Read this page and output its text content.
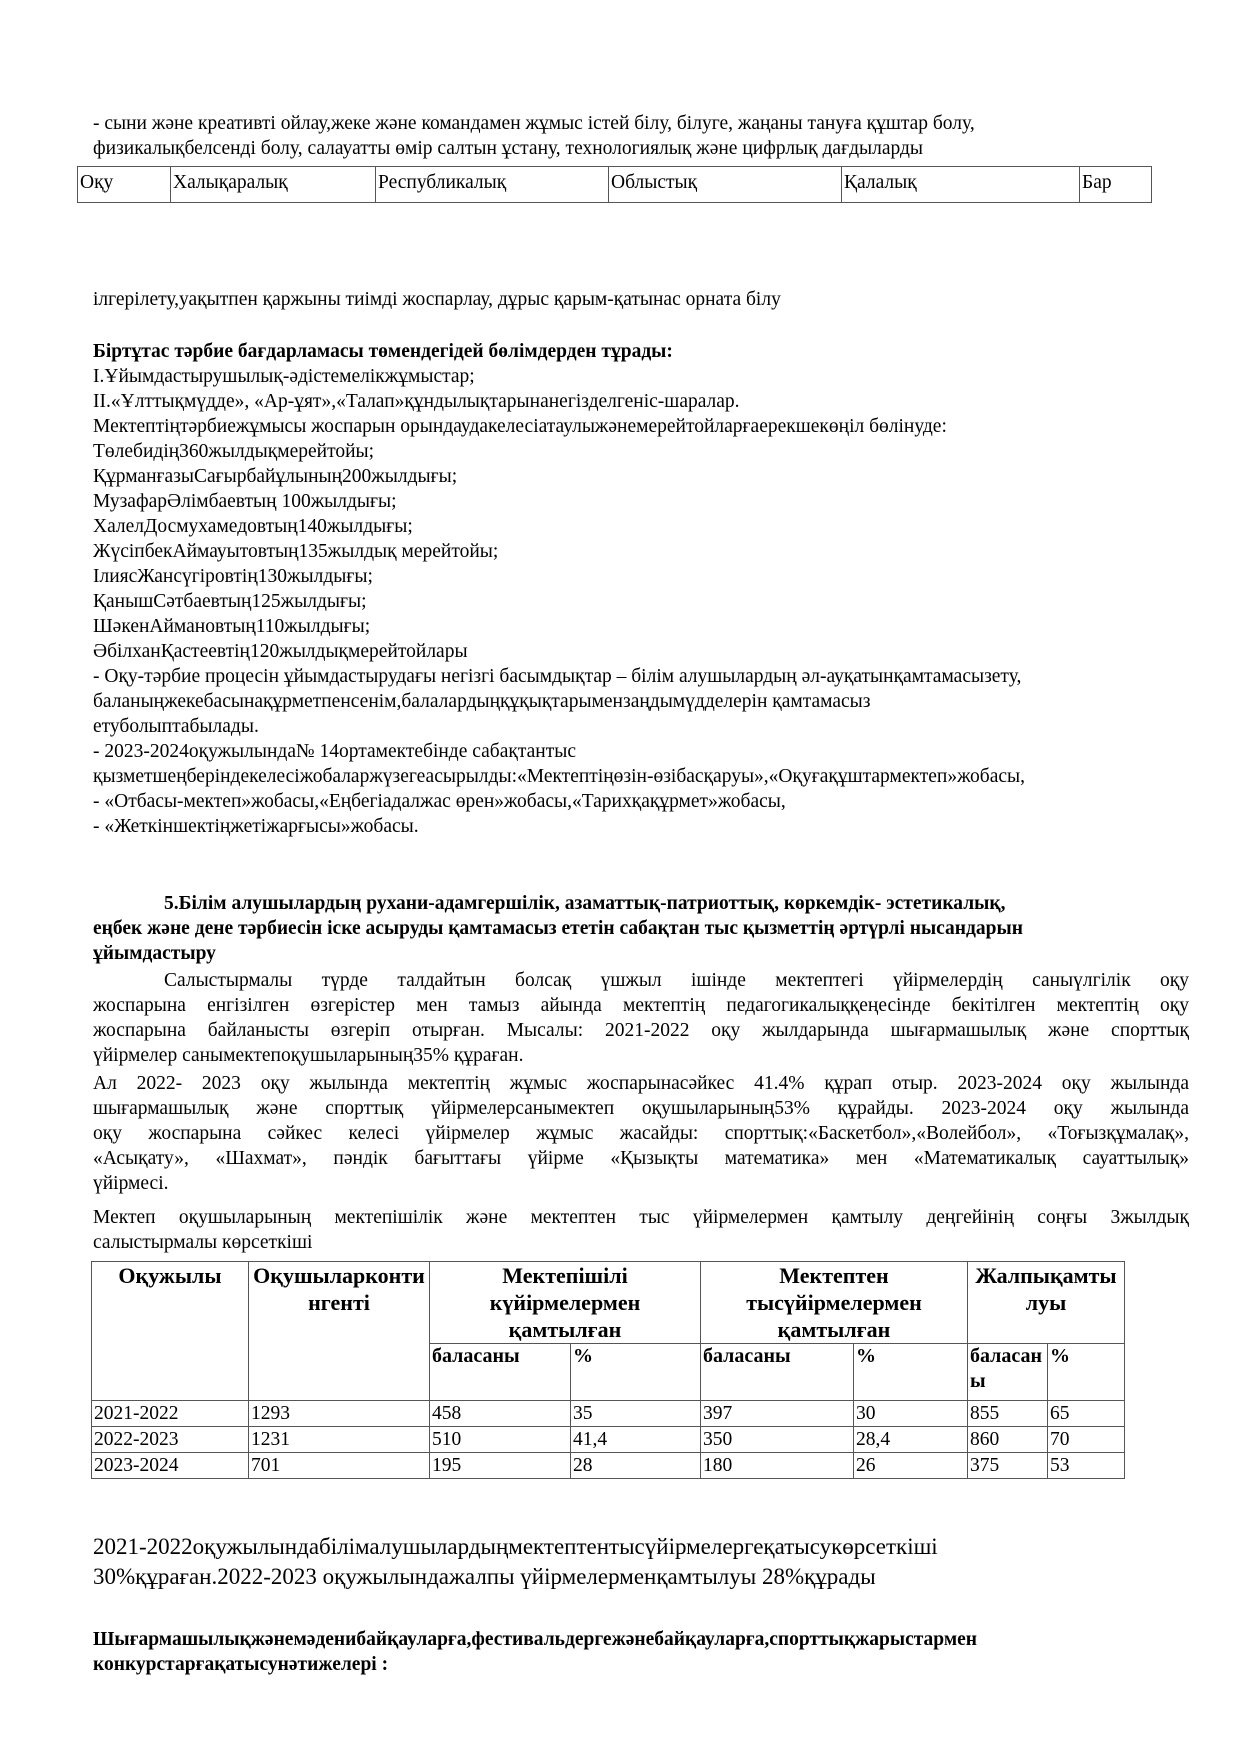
- сыни және креативті ойлау,жеке және командамен жұмыс істей білу, білуге, жаңаны тануға құштар болу,
физикалықбелсенді болу, салауатты өмір салтын ұстану, технологиялық және цифрлық дағдыларды
Оқу	Халықаралық	Республикалық	Облыстық	Қалалық	Бар
ілгерілету,уақытпен қаржыны тиімді жоспарлау, дұрыс қарым-қатынас орната білу
Біртұтас тәрбие бағдарламасы төмендегідей бөлімдерден тұрады:
I.Ұйымдастырушылық-әдістемелікжұмыстар;
II.«Ұлттықмүдде», «Ар-ұят»,«Талап»құндылықтарынанегізделгеніс-шаралар.
Мектептіңтәрбиежұмысы жоспарын орындаудакелесіатаулыжәнемерейтойларғаерекшекөңіл бөлінуде:
Төлебидің360жылдықмерейтойы;
ҚұрманғазыСағырбайұлының200жылдығы;
МузафарӘлімбаевтың 100жылдығы;
ХалелДосмухамедовтың140жылдығы;
ЖүсіпбекАймауытовтың135жылдық мерейтойы;
ІлиясЖансүгіровтің130жылдығы;
ҚанышСәтбаевтың125жылдығы;
ШәкенАймановтың110жылдығы;
ӘбілханҚастеевтің120жылдықмерейтойлары
- Оқу-тәрбие процесін ұйымдастырудағы негізгі басымдықтар – білім алушылардың әл-ауқатынқамтамасызету,
баланыңжекебасынақұрметпенсенім,балалардыңқұқықтарымензаңдымүдделерін қамтамасыз
етуболыптабылады.
- 2023-2024оқужылында№ 14ортамектебінде сабақтантыс
қызметшеңберіндекелесіжобаларжүзегеасырылды:«Мектептіңөзін-өзібасқаруы»,«Оқуғақұштармектеп»жобасы,
- «Отбасы-мектеп»жобасы,«Еңбегіадалжас өрен»жобасы,«Тарихқақұрмет»жобасы,
- «Жеткіншектіңжетіжарғысы»жобасы.
5.Білім алушылардың рухани-адамгершілік, азаматтық-патриоттық, көркемдік- эстетикалық,
еңбек және дене тәрбиесін іске асыруды қамтамасыз ететін сабақтан тыс қызметтің әртүрлі нысандарын
ұйымдастыру
Салыстырмалы түрде талдайтын болсақ үшжыл ішінде мектептегі үйірмелердің саныүлгілік оқу
жоспарына енгізілген өзгерістер мен тамыз айында мектептің педагогикалыққеңесінде бекітілген мектептің оқу
жоспарына байланысты өзгеріп отырған. Мысалы: 2021-2022 оқу жылдарында шығармашылық және спорттық
үйірмелер санымектепоқушыларының35% құраған.
Ал 2022- 2023 оқу жылында мектептің жұмыс жоспарынасәйкес 41.4% құрап отыр. 2023-2024 оқу жылында
шығармашылық және спорттық үйірмелерсанымектеп оқушыларының53% құрайды. 2023-2024 оқу жылында
оқу жоспарына сәйкес келесі үйірмелер жұмыс жасайды: спорттық:«Баскетбол»,«Волейбол», «Тоғызқұмалақ»,
«Асықату», «Шахмат», пәндік бағыттағы үйірме «Қызықты математика» мен «Математикалық сауаттылық»
үйірмесі.
Мектеп оқушыларының мектепішілік және мектептен тыс үйірмелермен қамтылу деңгейінің соңғы 3жылдық
салыстырмалы көрсеткіші
Оқужылы	Оқушыларконтингенті	Мектепішілі күйірмелермен қамтылған		Мектептен тысүйірмелермен қамтылған		Жалпықамтылуы	
		баласаны	%	баласаны	%	баласаны	%
2021-2022	1293	458	35	397	30	855	65
2022-2023	1231	510	41,4	350	28,4	860	70
2023-2024	701	195	28	180	26	375	53
2021-2022оқужылындабілімалушылардыңмектептентысүйірмелергеқатысукөрсеткіші
30%құраған.2022-2023 оқужылындажалпы үйірмелерменқамтылуы 28%құрады
Шығармашылықжәнемәденибайқауларға,фестивальдергежәнебайқауларға,спорттықжарыстармен
конкурстарғақатысунәтижелері :
